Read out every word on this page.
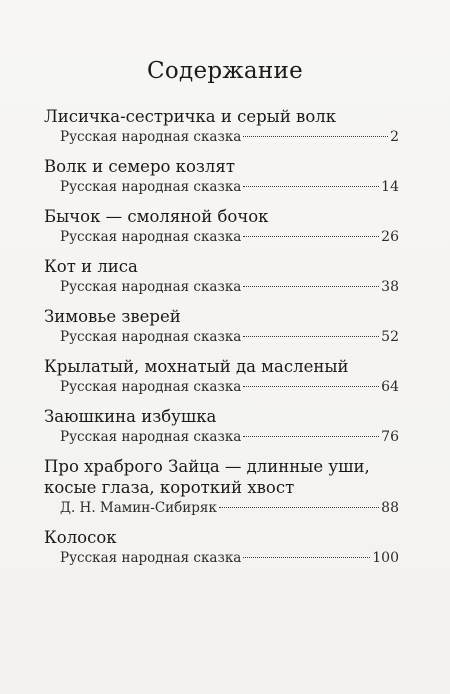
Содержание
Лисичка-сестричка и серый волк
Русская народная сказка	2
Волк и семеро козлят
Русская народная сказка	14
Бычок — смоляной бочок
Русская народная сказка	26
Кот и лиса
Русская народная сказка	38
Зимовье зверей
Русская народная сказка	52
Крылатый, мохнатый да масленый
Русская народная сказка	64
Заюшкина избушка
Русская народная сказка	76
Про храброго Зайца — длинные уши,
косые глаза, короткий хвост
Д. Н. Мамин-Сибиряк	88
Колосок
Русская народная сказка	100
